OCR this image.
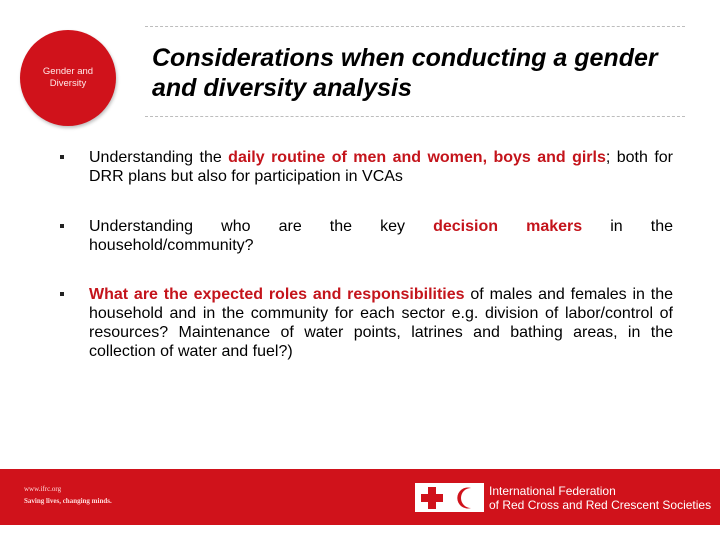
Gender and Diversity
Considerations when conducting a gender and diversity analysis
Understanding the daily routine of men and women, boys and girls; both for DRR plans but also for participation in VCAs
Understanding who are the key decision makers in the
household/community?
What are the expected roles and responsibilities of males and females in the household and in the community for each sector e.g. division of labor/control of resources? Maintenance of water points, latrines and bathing areas, in the collection of water and fuel?)
www.ifrc.org
Saving lives, changing minds.
International Federation
of Red Cross and Red Crescent Societies
